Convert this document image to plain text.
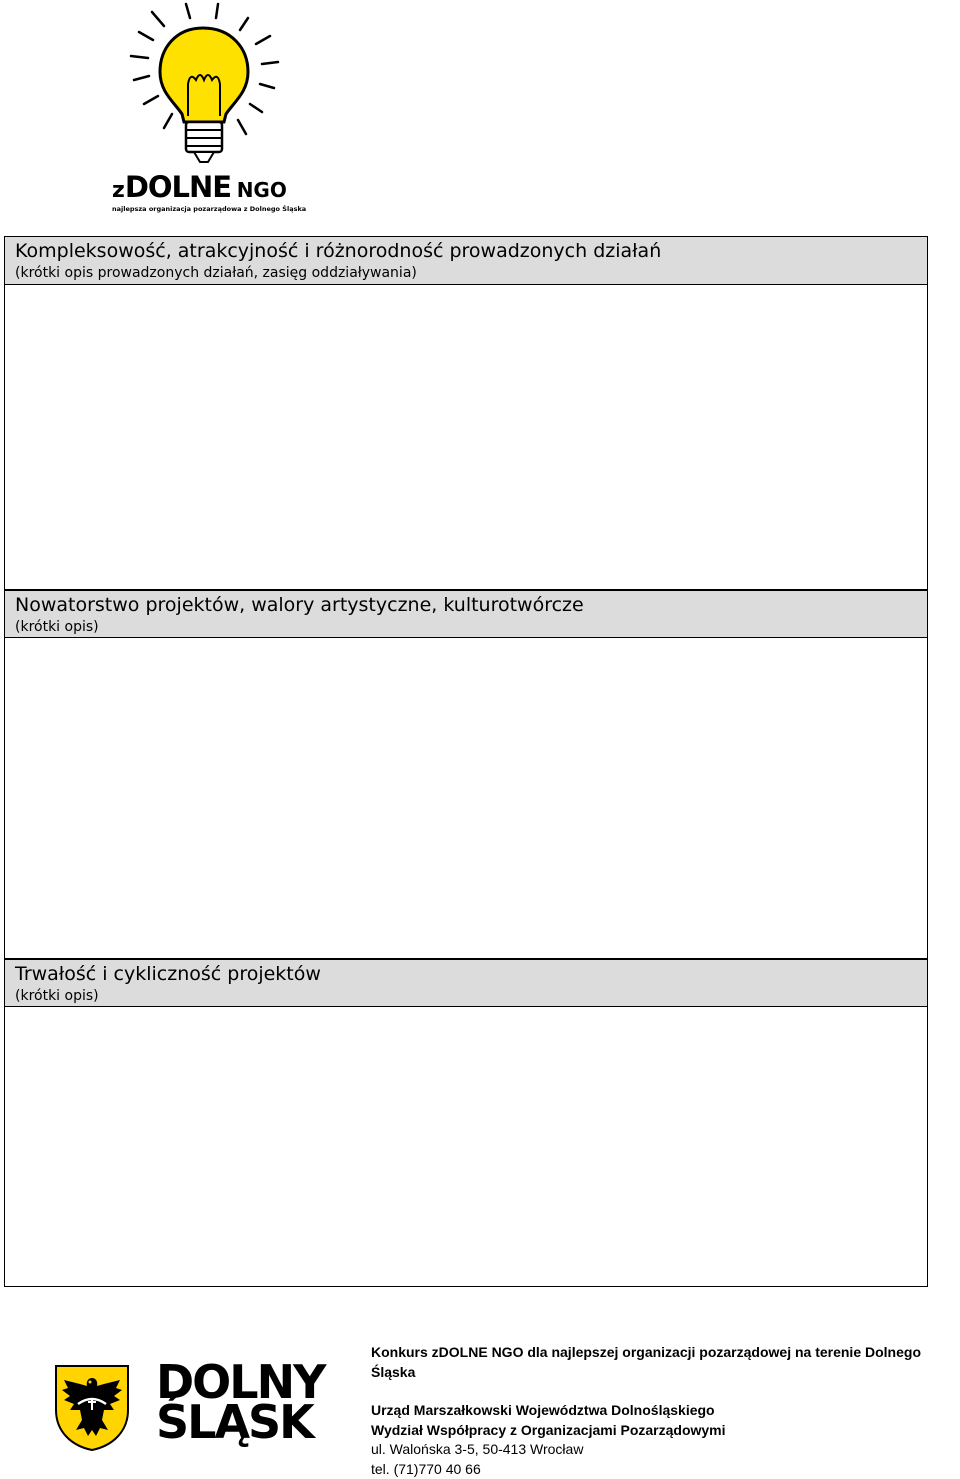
zDOLNE NGO
najlepsza organizacja pozarządowa z Dolnego Śląska
Kompleksowość, atrakcyjność i różnorodność prowadzonych działań
(krótki opis prowadzonych działań, zasięg oddziaływania)
Nowatorstwo projektów, walory artystyczne, kulturotwórcze
(krótki opis)
Trwałość i cykliczność projektów
(krótki opis)
DOLNY
ŚLĄSK
Konkurs zDOLNE NGO dla najlepszej organizacji pozarządowej na terenie Dolnego Śląska
Urząd Marszałkowski Województwa Dolnośląskiego
Wydział Współpracy z Organizacjami Pozarządowymi
ul. Walońska 3-5, 50-413 Wrocław
tel. (71)770 40 66
